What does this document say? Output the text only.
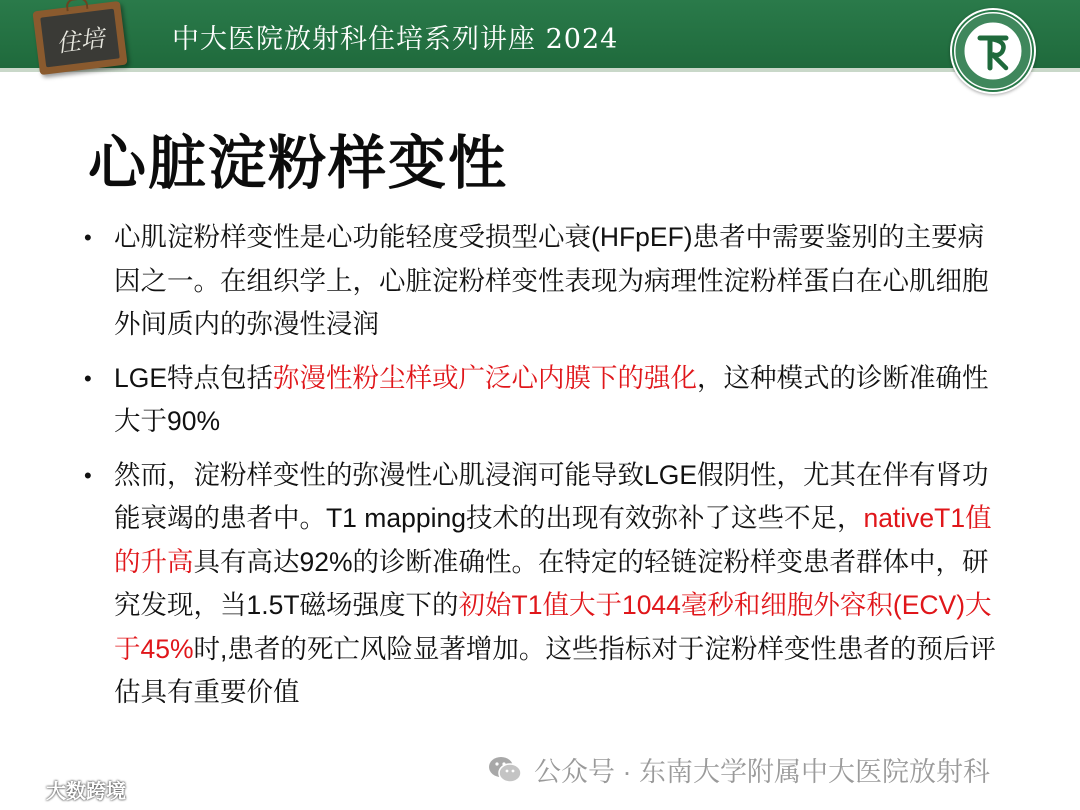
住培	中大医院放射科住培系列讲座 2024
心脏淀粉样变性
• 心肌淀粉样变性是心功能轻度受损型心衰(HFpEF)患者中需要鉴别的主要病因之一。在组织学上，心脏淀粉样变性表现为病理性淀粉样蛋白在心肌细胞外间质内的弥漫性浸润
• LGE特点包括弥漫性粉尘样或广泛心内膜下的强化，这种模式的诊断准确性大于90%
• 然而，淀粉样变性的弥漫性心肌浸润可能导致LGE假阴性，尤其在伴有肾功能衰竭的患者中。T1 mapping技术的出现有效弥补了这些不足，nativeT1值的升高具有高达92%的诊断准确性。在特定的轻链淀粉样变患者群体中，研究发现，当1.5T磁场强度下的初始T1值大于1044毫秒和细胞外容积(ECV)大于45%时,患者的死亡风险显著增加。这些指标对于淀粉样变性患者的预后评估具有重要价值
公众号 · 东南大学附属中大医院放射科
大数跨境
